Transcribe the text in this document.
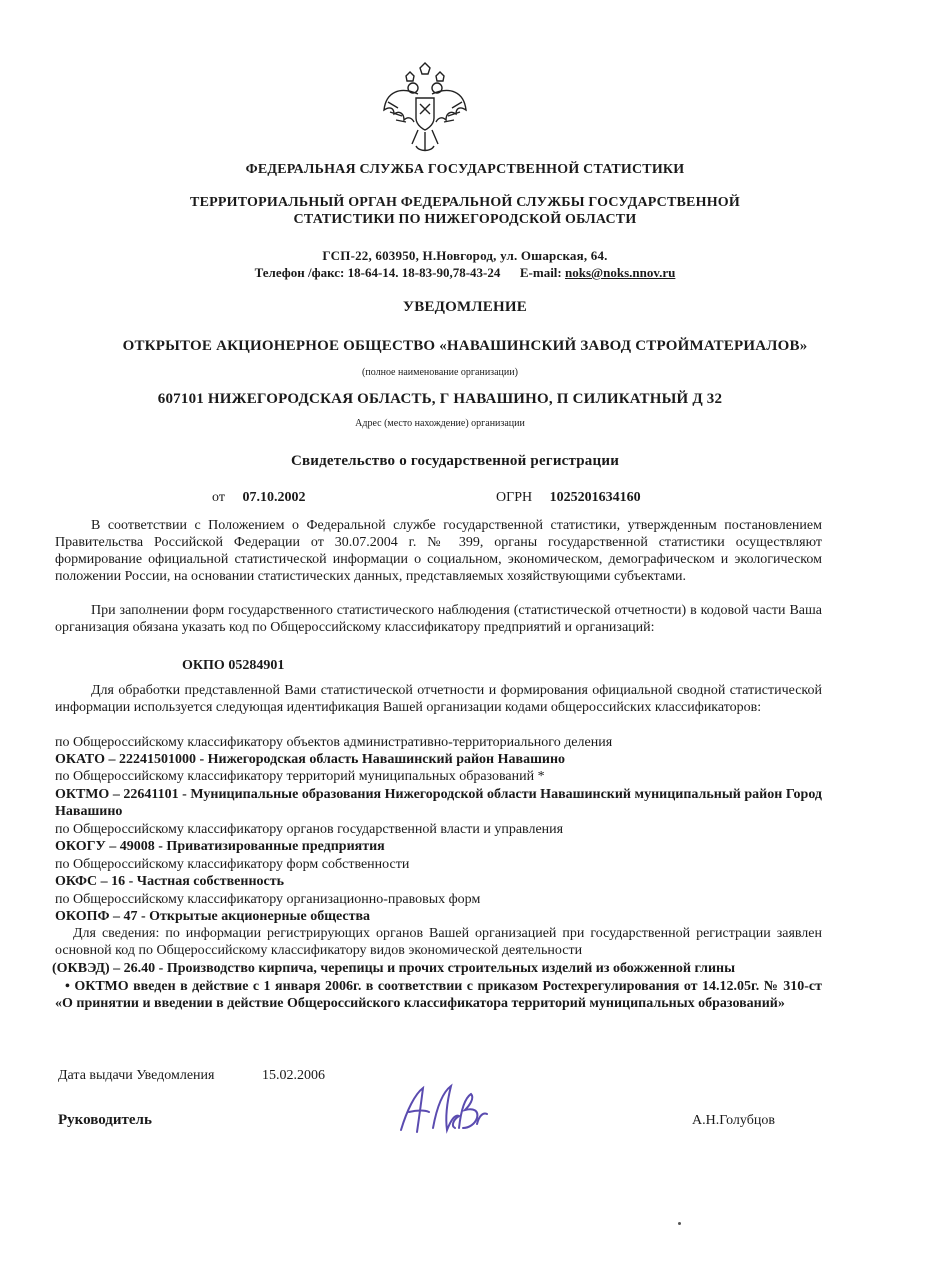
ФЕДЕРАЛЬНАЯ СЛУЖБА ГОСУДАРСТВЕННОЙ СТАТИСТИКИ
ТЕРРИТОРИАЛЬНЫЙ ОРГАН ФЕДЕРАЛЬНОЙ СЛУЖБЫ ГОСУДАРСТВЕННОЙ
СТАТИСТИКИ ПО НИЖЕГОРОДСКОЙ ОБЛАСТИ
ГСП-22, 603950, Н.Новгород, ул. Ошарская, 64.
Телефон /факс: 18-64-14. 18-83-90,78-43-24 E-mail: noks@noks.nnov.ru
УВЕДОМЛЕНИЕ
ОТКРЫТОЕ АКЦИОНЕРНОЕ ОБЩЕСТВО «НАВАШИНСКИЙ ЗАВОД СТРОЙМАТЕРИАЛОВ»
(полное наименование организации)
607101 НИЖЕГОРОДСКАЯ ОБЛАСТЬ, Г НАВАШИНО, П СИЛИКАТНЫЙ Д 32
Адрес (место нахождение) организации
Свидетельство о государственной регистрации
от 07.10.2002	ОГРН 1025201634160
В соответствии с Положением о Федеральной службе государственной статистики, утвержденным постановлением Правительства Российской Федерации от 30.07.2004 г. № 399, органы государственной статистики осуществляют формирование официальной статистической информации о социальном, экономическом, демографическом и экологическом положении России, на основании статистических данных, представляемых хозяйствующими субъектами.
При заполнении форм государственного статистического наблюдения (статистической отчетности) в кодовой части Ваша организация обязана указать код по Общероссийскому классификатору предприятий и организаций:
ОКПО 05284901
Для обработки представленной Вами статистической отчетности и формирования официальной сводной статистической информации используется следующая идентификация Вашей организации кодами общероссийских классификаторов:
по Общероссийскому классификатору объектов административно-территориального деления
ОКАТО – 22241501000 - Нижегородская область Навашинский район Навашино
по Общероссийскому классификатору территорий муниципальных образований *
ОКТМО – 22641101 - Муниципальные образования Нижегородской области Навашинский муниципальный район Город Навашино
по Общероссийскому классификатору органов государственной власти и управления
ОКОГУ – 49008 - Приватизированные предприятия
по Общероссийскому классификатору форм собственности
ОКФС – 16 - Частная собственность
по Общероссийскому классификатору организационно-правовых форм
ОКОПФ – 47 - Открытые акционерные общества
Для сведения: по информации регистрирующих органов Вашей организацией при государственной регистрации заявлен основной код по Общероссийскому классификатору видов экономической деятельности
(ОКВЭД) – 26.40 - Производство кирпича, черепицы и прочих строительных изделий из обожженной глины
• ОКТМО введен в действие с 1 января 2006г. в соответствии с приказом Ростехрегулирования от 14.12.05г. № 310-ст «О принятии и введении в действие Общероссийского классификатора территорий муниципальных образований»
Дата выдачи Уведомления	15.02.2006
Руководитель	А.Н.Голубцов
